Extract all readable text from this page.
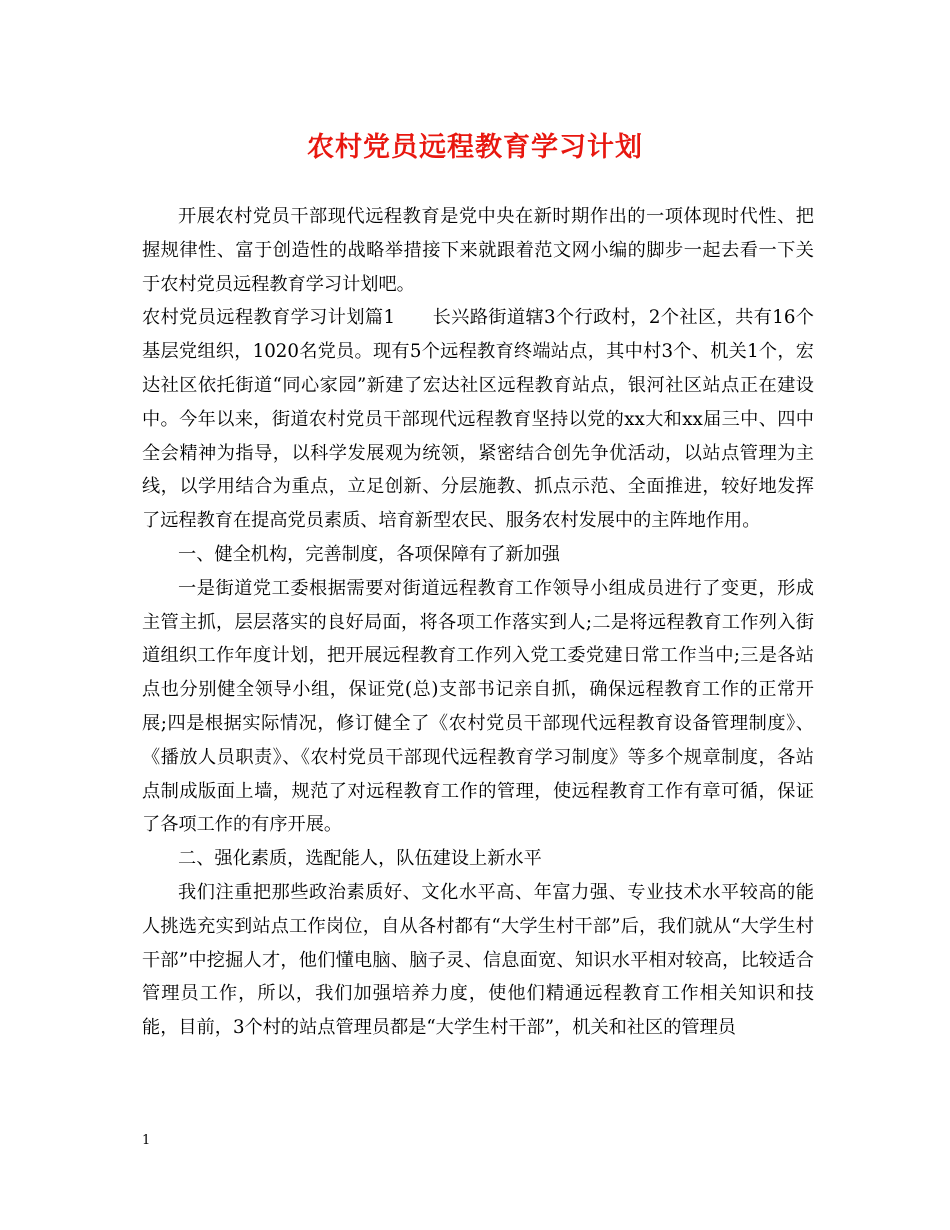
农村党员远程教育学习计划

开展农村党员干部现代远程教育是党中央在新时期作出的一项体现时代性、把握规律性、富于创造性的战略举措接下来就跟着范文网小编的脚步一起去看一下关于农村党员远程教育学习计划吧。

农村党员远程教育学习计划篇1　　长兴路街道辖3个行政村，2个社区，共有16个基层党组织，1020名党员。现有5个远程教育终端站点，其中村3个、机关1个，宏达社区依托街道“同心家园”新建了宏达社区远程教育站点，银河社区站点正在建设中。今年以来，街道农村党员干部现代远程教育坚持以党的xx大和xx届三中、四中全会精神为指导，以科学发展观为统领，紧密结合创先争优活动，以站点管理为主线，以学用结合为重点，立足创新、分层施教、抓点示范、全面推进，较好地发挥了远程教育在提高党员素质、培育新型农民、服务农村发展中的主阵地作用。

一、健全机构，完善制度，各项保障有了新加强

一是街道党工委根据需要对街道远程教育工作领导小组成员进行了变更，形成主管主抓，层层落实的良好局面，将各项工作落实到人;二是将远程教育工作列入街道组织工作年度计划，把开展远程教育工作列入党工委党建日常工作当中;三是各站点也分别健全领导小组，保证党(总)支部书记亲自抓，确保远程教育工作的正常开展;四是根据实际情况，修订健全了《农村党员干部现代远程教育设备管理制度》、《播放人员职责》、《农村党员干部现代远程教育学习制度》等多个规章制度，各站点制成版面上墙，规范了对远程教育工作的管理，使远程教育工作有章可循，保证了各项工作的有序开展。

二、强化素质，选配能人，队伍建设上新水平

我们注重把那些政治素质好、文化水平高、年富力强、专业技术水平较高的能人挑选充实到站点工作岗位，自从各村都有“大学生村干部”后，我们就从“大学生村干部”中挖掘人才，他们懂电脑、脑子灵、信息面宽、知识水平相对较高，比较适合管理员工作，所以，我们加强培养力度，使他们精通远程教育工作相关知识和技能，目前，3个村的站点管理员都是“大学生村干部”，机关和社区的管理员

1
